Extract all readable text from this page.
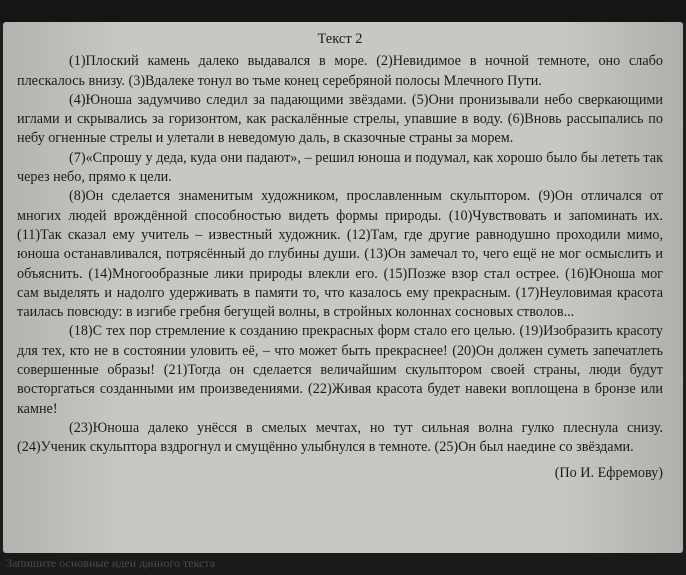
Текст 2

(1)Плоский камень далеко выдавался в море. (2)Невидимое в ночной темноте, оно слабо плескалось внизу. (3)Вдалеке тонул во тьме конец серебряной полосы Млечного Пути.

(4)Юноша задумчиво следил за падающими звёздами. (5)Они пронизывали небо сверкающими иглами и скрывались за горизонтом, как раскалённые стрелы, упавшие в воду. (6)Вновь рассыпались по небу огненные стрелы и улетали в неведомую даль, в сказочные страны за морем.

(7)«Спрошу у деда, куда они падают», – решил юноша и подумал, как хорошо было бы лететь так через небо, прямо к цели.

(8)Он сделается знаменитым художником, прославленным скульптором. (9)Он отличался от многих людей врождённой способностью видеть формы природы. (10)Чувствовать и запоминать их. (11)Так сказал ему учитель – известный художник. (12)Там, где другие равнодушно проходили мимо, юноша останавливался, потрясённый до глубины души. (13)Он замечал то, чего ещё не мог осмыслить и объяснить. (14)Многообразные лики природы влекли его. (15)Позже взор стал острее. (16)Юноша мог сам выделять и надолго удерживать в памяти то, что казалось ему прекрасным. (17)Неуловимая красота таилась повсюду: в изгибе гребня бегущей волны, в стройных колоннах сосновых стволов...

(18)С тех пор стремление к созданию прекрасных форм стало его целью. (19)Изобразить красоту для тех, кто не в состоянии уловить её, – что может быть прекраснее! (20)Он должен суметь запечатлеть совершенные образы! (21)Тогда он сделается величайшим скульптором своей страны, люди будут восторгаться созданными им произведениями. (22)Живая красота будет навеки воплощена в бронзе или камне!

(23)Юноша далеко унёсся в смелых мечтах, но тут сильная волна гулко плеснула снизу. (24)Ученик скульптора вздрогнул и смущённо улыбнулся в темноте. (25)Он был наедине со звёздами.

(По И. Ефремову)
Запишите основные идеи данного текста
